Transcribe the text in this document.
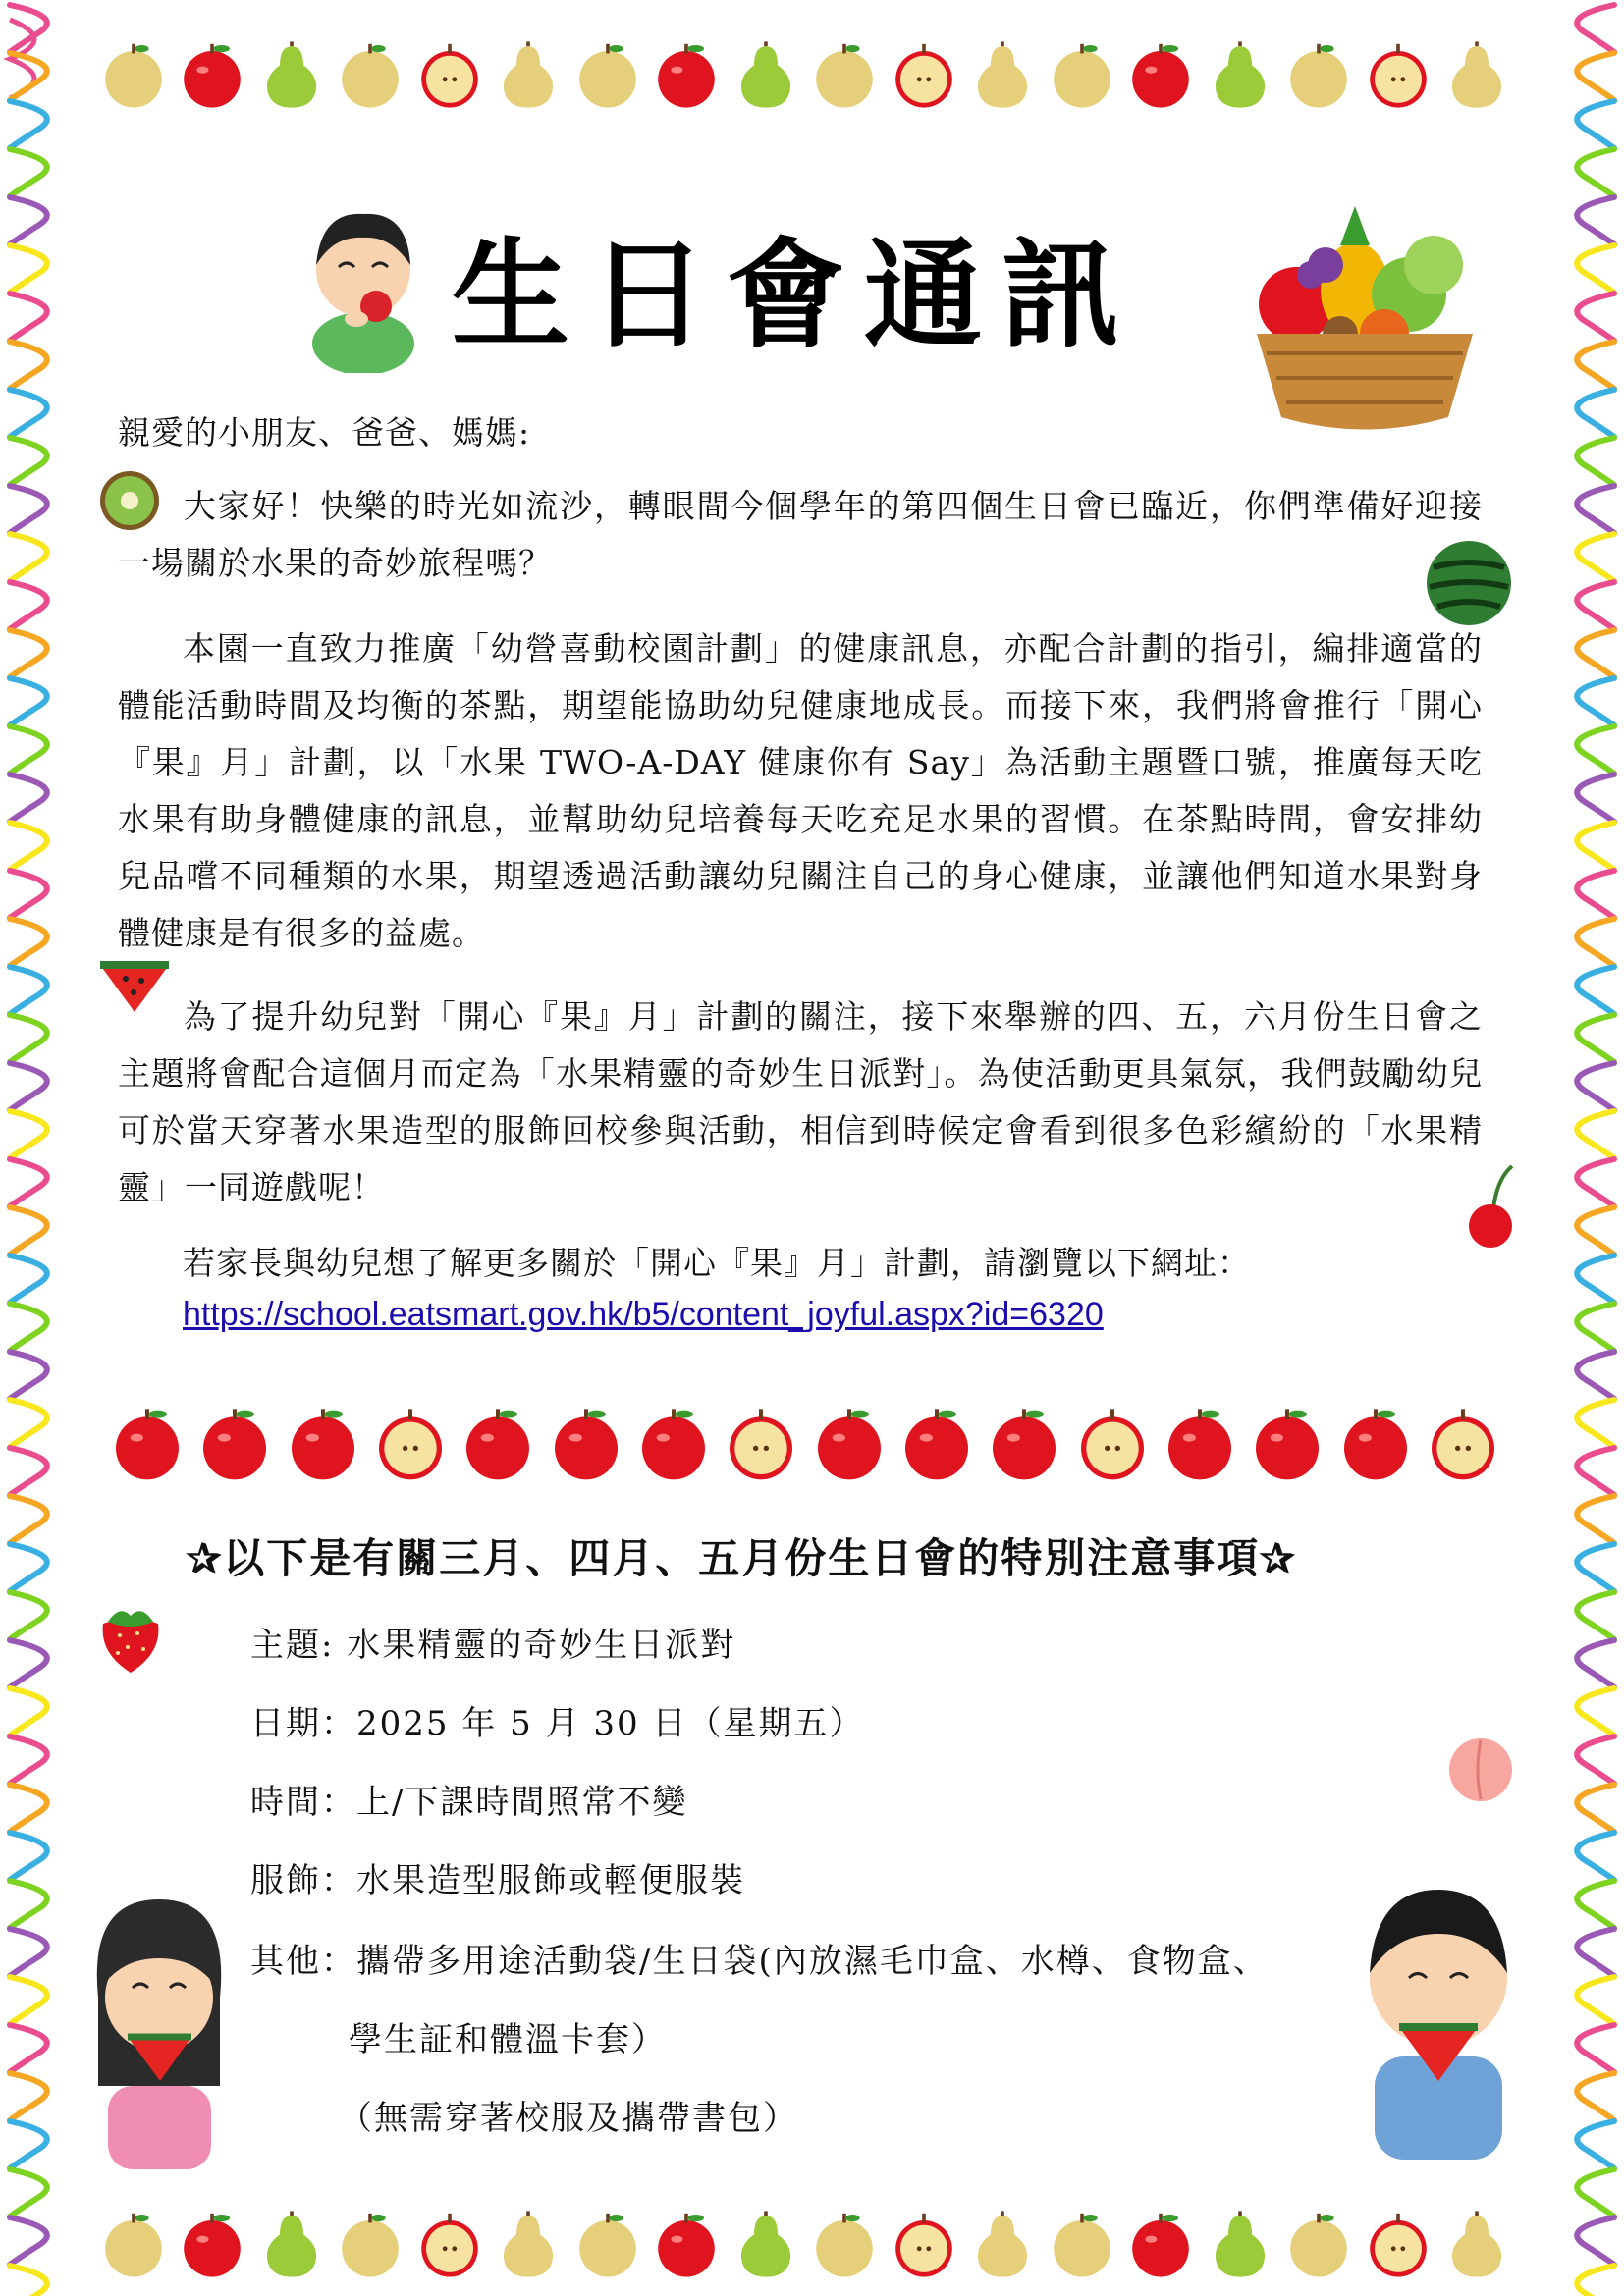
生日會通訊
親愛的小朋友、爸爸、媽媽:
大家好！快樂的時光如流沙，轉眼間今個學年的第四個生日會已臨近，你們準備好迎接一場關於水果的奇妙旅程嗎？
本園一直致力推廣「幼營喜動校園計劃」的健康訊息，亦配合計劃的指引，編排適當的體能活動時間及均衡的茶點，期望能協助幼兒健康地成長。而接下來，我們將會推行「開心『果』月」計劃，以「水果 TWO-A-DAY 健康你有 Say」為活動主題暨口號，推廣每天吃水果有助身體健康的訊息，並幫助幼兒培養每天吃充足水果的習慣。在茶點時間，會安排幼兒品嚐不同種類的水果，期望透過活動讓幼兒關注自己的身心健康，並讓他們知道水果對身體健康是有很多的益處。
為了提升幼兒對「開心『果』月」計劃的關注，接下來舉辦的四、五，六月份生日會之主題將會配合這個月而定為「水果精靈的奇妙生日派對」。為使活動更具氣氛，我們鼓勵幼兒可於當天穿著水果造型的服飾回校參與活動，相信到時候定會看到很多色彩繽紛的「水果精靈」一同遊戲呢！
若家長與幼兒想了解更多關於「開心『果』月」計劃，請瀏覽以下網址：
https://school.eatsmart.gov.hk/b5/content_joyful.aspx?id=6320
✰以下是有關三月、四月、五月份生日會的特別注意事項✰
主題: 水果精靈的奇妙生日派對
日期：2025 年 5 月 30 日（星期五）
時間：上/下課時間照常不變
服飾：水果造型服飾或輕便服裝
其他：攜帶多用途活動袋/生日袋(內放濕毛巾盒、水樽、食物盒、
學生証和體溫卡套）
（無需穿著校服及攜帶書包）
